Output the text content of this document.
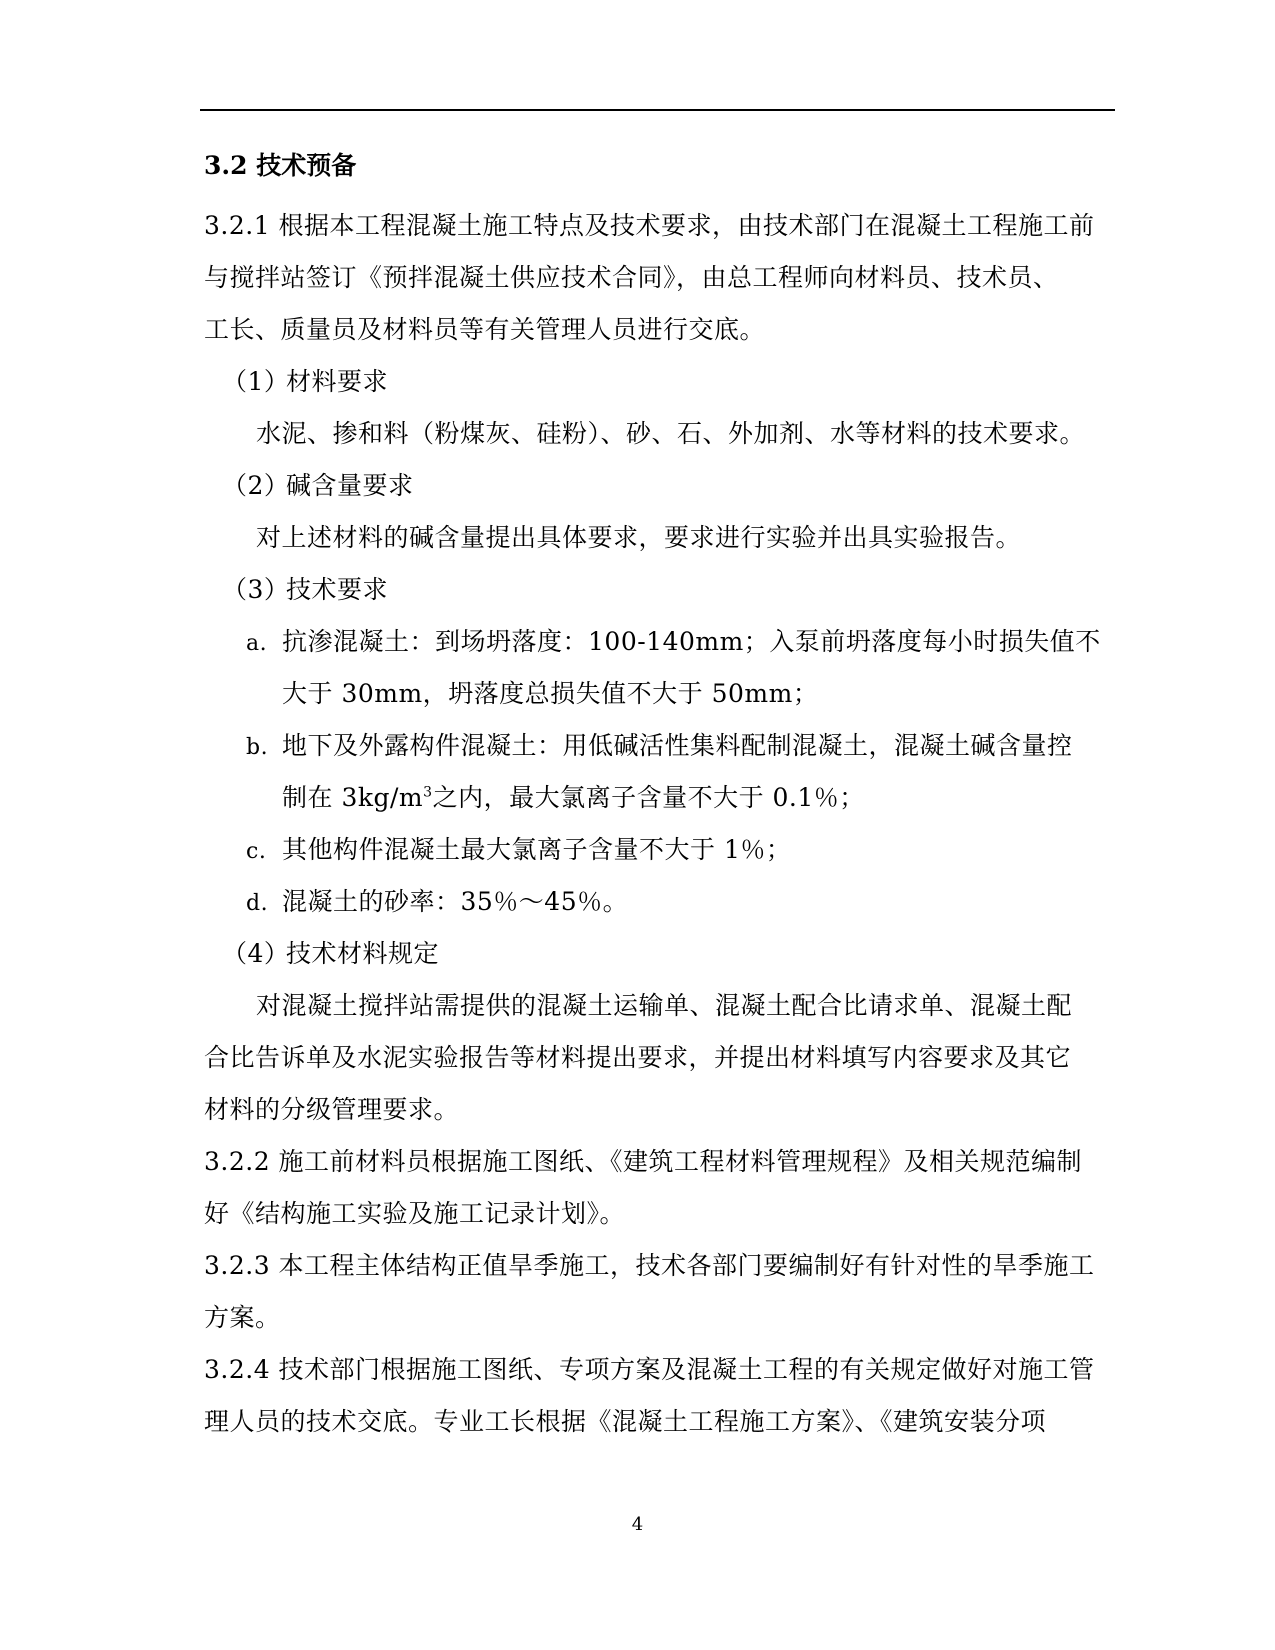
3.2 技术预备
3.2.1 根据本工程混凝土施工特点及技术要求，由技术部门在混凝土工程施工前
与搅拌站签订《预拌混凝土供应技术合同》，由总工程师向材料员、技术员、
工长、质量员及材料员等有关管理人员进行交底。
（1）材料要求
水泥、掺和料（粉煤灰、硅粉）、砂、石、外加剂、水等材料的技术要求。
（2）碱含量要求
对上述材料的碱含量提出具体要求，要求进行实验并出具实验报告。
（3）技术要求
a. 抗渗混凝土：到场坍落度：100-140mm；入泵前坍落度每小时损失值不
大于 30mm，坍落度总损失值不大于 50mm；
b. 地下及外露构件混凝土：用低碱活性集料配制混凝土，混凝土碱含量控
制在 $3kg/m^3$之内，最大氯离子含量不大于 0.1％；
c. 其他构件混凝土最大氯离子含量不大于 1％；
d. 混凝土的砂率：35％～45％。
（4）技术材料规定
对混凝土搅拌站需提供的混凝土运输单、混凝土配合比请求单、混凝土配
合比告诉单及水泥实验报告等材料提出要求，并提出材料填写内容要求及其它
材料的分级管理要求。
3.2.2 施工前材料员根据施工图纸、《建筑工程材料管理规程》及相关规范编制
好《结构施工实验及施工记录计划》。
3.2.3 本工程主体结构正值旱季施工，技术各部门要编制好有针对性的旱季施工
方案。
3.2.4 技术部门根据施工图纸、专项方案及混凝土工程的有关规定做好对施工管
理人员的技术交底。专业工长根据《混凝土工程施工方案》、《建筑安装分项
4
